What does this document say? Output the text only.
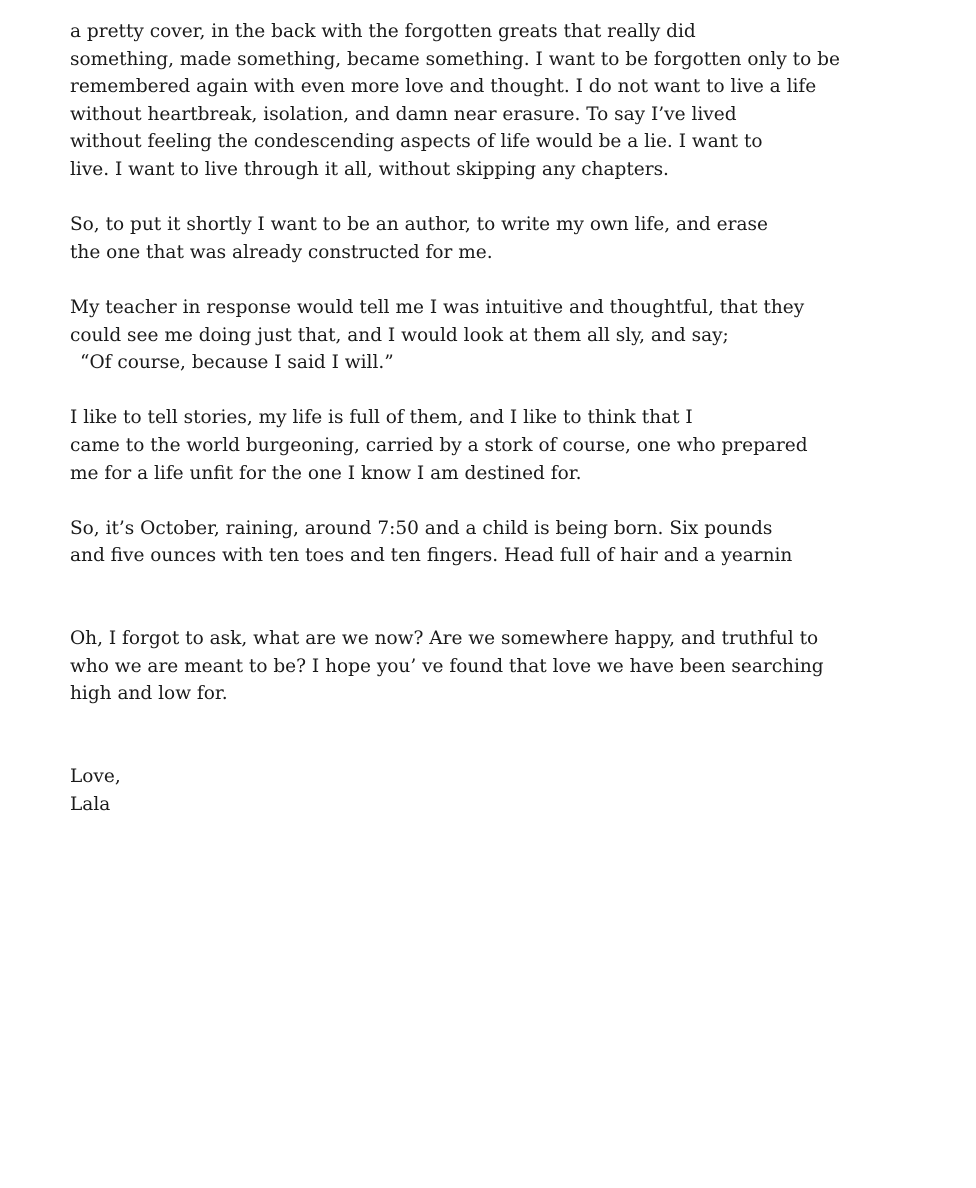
a pretty cover, in the back with the forgotten greats that really did
something, made something, became something. I want to be forgotten only to be
remembered again with even more love and thought. I do not want to live a life
without heartbreak, isolation, and damn near erasure. To say I’ve lived
without feeling the condescending aspects of life would be a lie. I want to
live. I want to live through it all, without skipping any chapters.
So, to put it shortly I want to be an author, to write my own life, and erase
the one that was already constructed for me.
My teacher in response would tell me I was intuitive and thoughtful, that they
could see me doing just that, and I would look at them all sly, and say;
“Of course, because I said I will.”
I like to tell stories, my life is full of them, and I like to think that I
came to the world burgeoning, carried by a stork of course, one who prepared
me for a life unfit for the one I know I am destined for.
So, it’s October, raining, around 7:50 and a child is being born. Six pounds
and five ounces with ten toes and ten fingers. Head full of hair and a yearnin
Oh, I forgot to ask, what are we now? Are we somewhere happy, and truthful to
who we are meant to be? I hope you’ ve found that love we have been searching
high and low for.
Love,
Lala
